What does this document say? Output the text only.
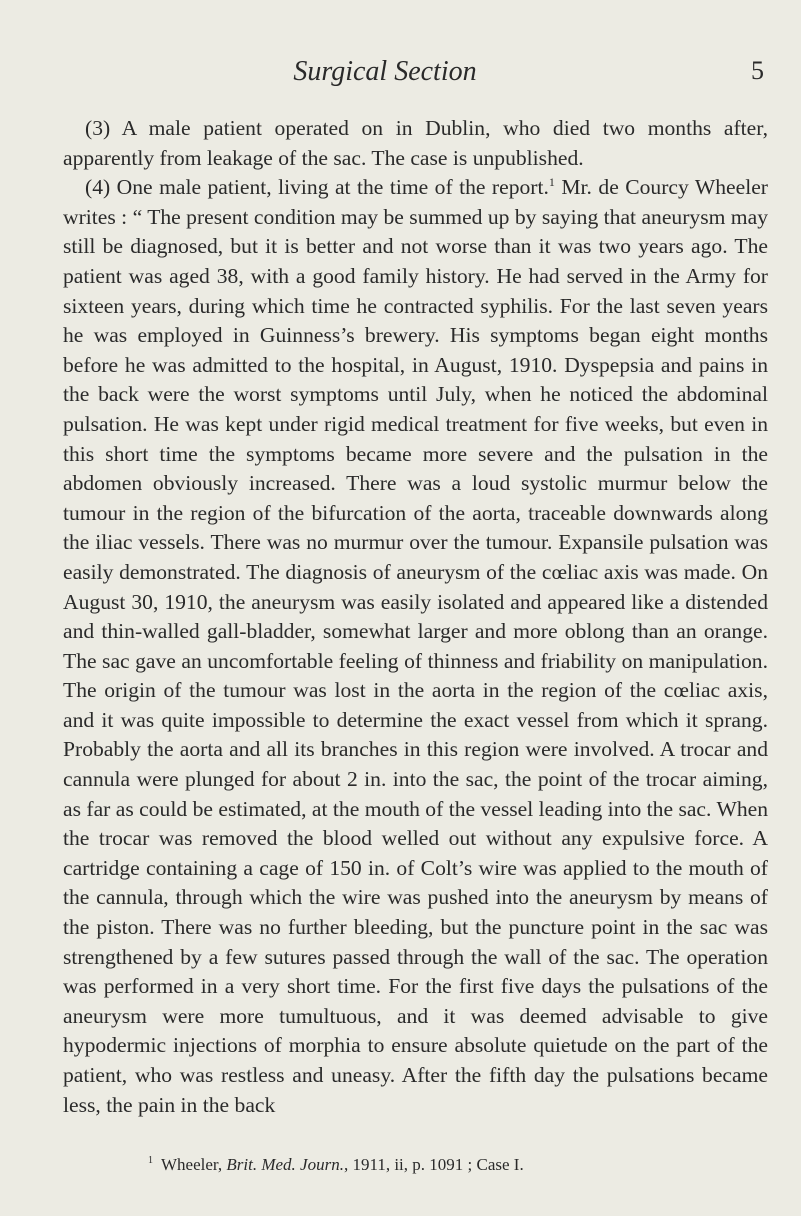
Surgical Section	5

(3) A male patient operated on in Dublin, who died two months after, apparently from leakage of the sac. The case is unpublished.

(4) One male patient, living at the time of the report.$^1$ Mr. de Courcy Wheeler writes : “ The present condition may be summed up by saying that aneurysm may still be diagnosed, but it is better and not worse than it was two years ago. The patient was aged 38, with a good family history. He had served in the Army for sixteen years, during which time he contracted syphilis. For the last seven years he was employed in Guinness’s brewery. His symptoms began eight months before he was admitted to the hospital, in August, 1910. Dyspepsia and pains in the back were the worst symptoms until July, when he noticed the abdominal pulsation. He was kept under rigid medical treatment for five weeks, but even in this short time the symptoms became more severe and the pulsation in the abdomen obviously increased. There was a loud systolic murmur below the tumour in the region of the bifurcation of the aorta, traceable downwards along the iliac vessels. There was no murmur over the tumour. Expansile pulsation was easily demonstrated. The diagnosis of aneurysm of the cœliac axis was made. On August 30, 1910, the aneurysm was easily isolated and appeared like a distended and thin-walled gall-bladder, somewhat larger and more oblong than an orange. The sac gave an uncomfortable feeling of thinness and friability on manipulation. The origin of the tumour was lost in the aorta in the region of the cœliac axis, and it was quite impossible to determine the exact vessel from which it sprang. Probably the aorta and all its branches in this region were involved. A trocar and cannula were plunged for about 2 in. into the sac, the point of the trocar aiming, as far as could be estimated, at the mouth of the vessel leading into the sac. When the trocar was removed the blood welled out without any expulsive force. A cartridge containing a cage of 150 in. of Colt’s wire was applied to the mouth of the cannula, through which the wire was pushed into the aneurysm by means of the piston. There was no further bleeding, but the puncture point in the sac was strengthened by a few sutures passed through the wall of the sac. The operation was performed in a very short time. For the first five days the pulsations of the aneurysm were more tumultuous, and it was deemed advisable to give hypodermic injections of morphia to ensure absolute quietude on the part of the patient, who was restless and uneasy. After the fifth day the pulsations became less, the pain in the back

$^1$ Wheeler, Brit. Med. Journ., 1911, ii, p. 1091 ; Case I.
